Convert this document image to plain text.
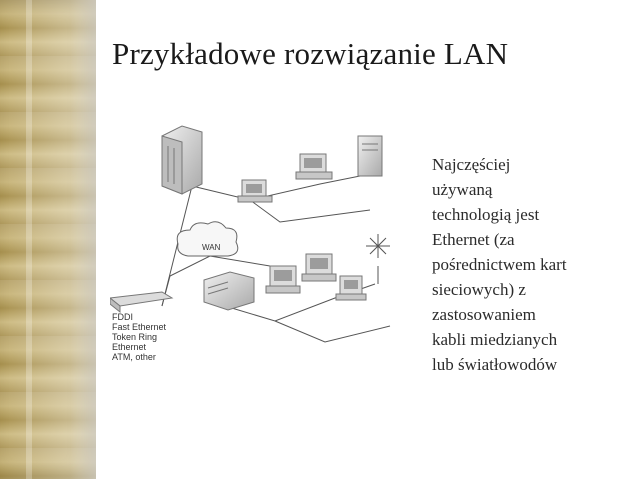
Przykładowe rozwiązanie LAN
WAN
FDDI
Fast Ethernet
Token Ring
Ethernet
ATM, other
Najczęściej
używaną
technologią jest
Ethernet (za
pośrednictwem kart
sieciowych) z
zastosowaniem
kabli miedzianych
lub światłowodów
